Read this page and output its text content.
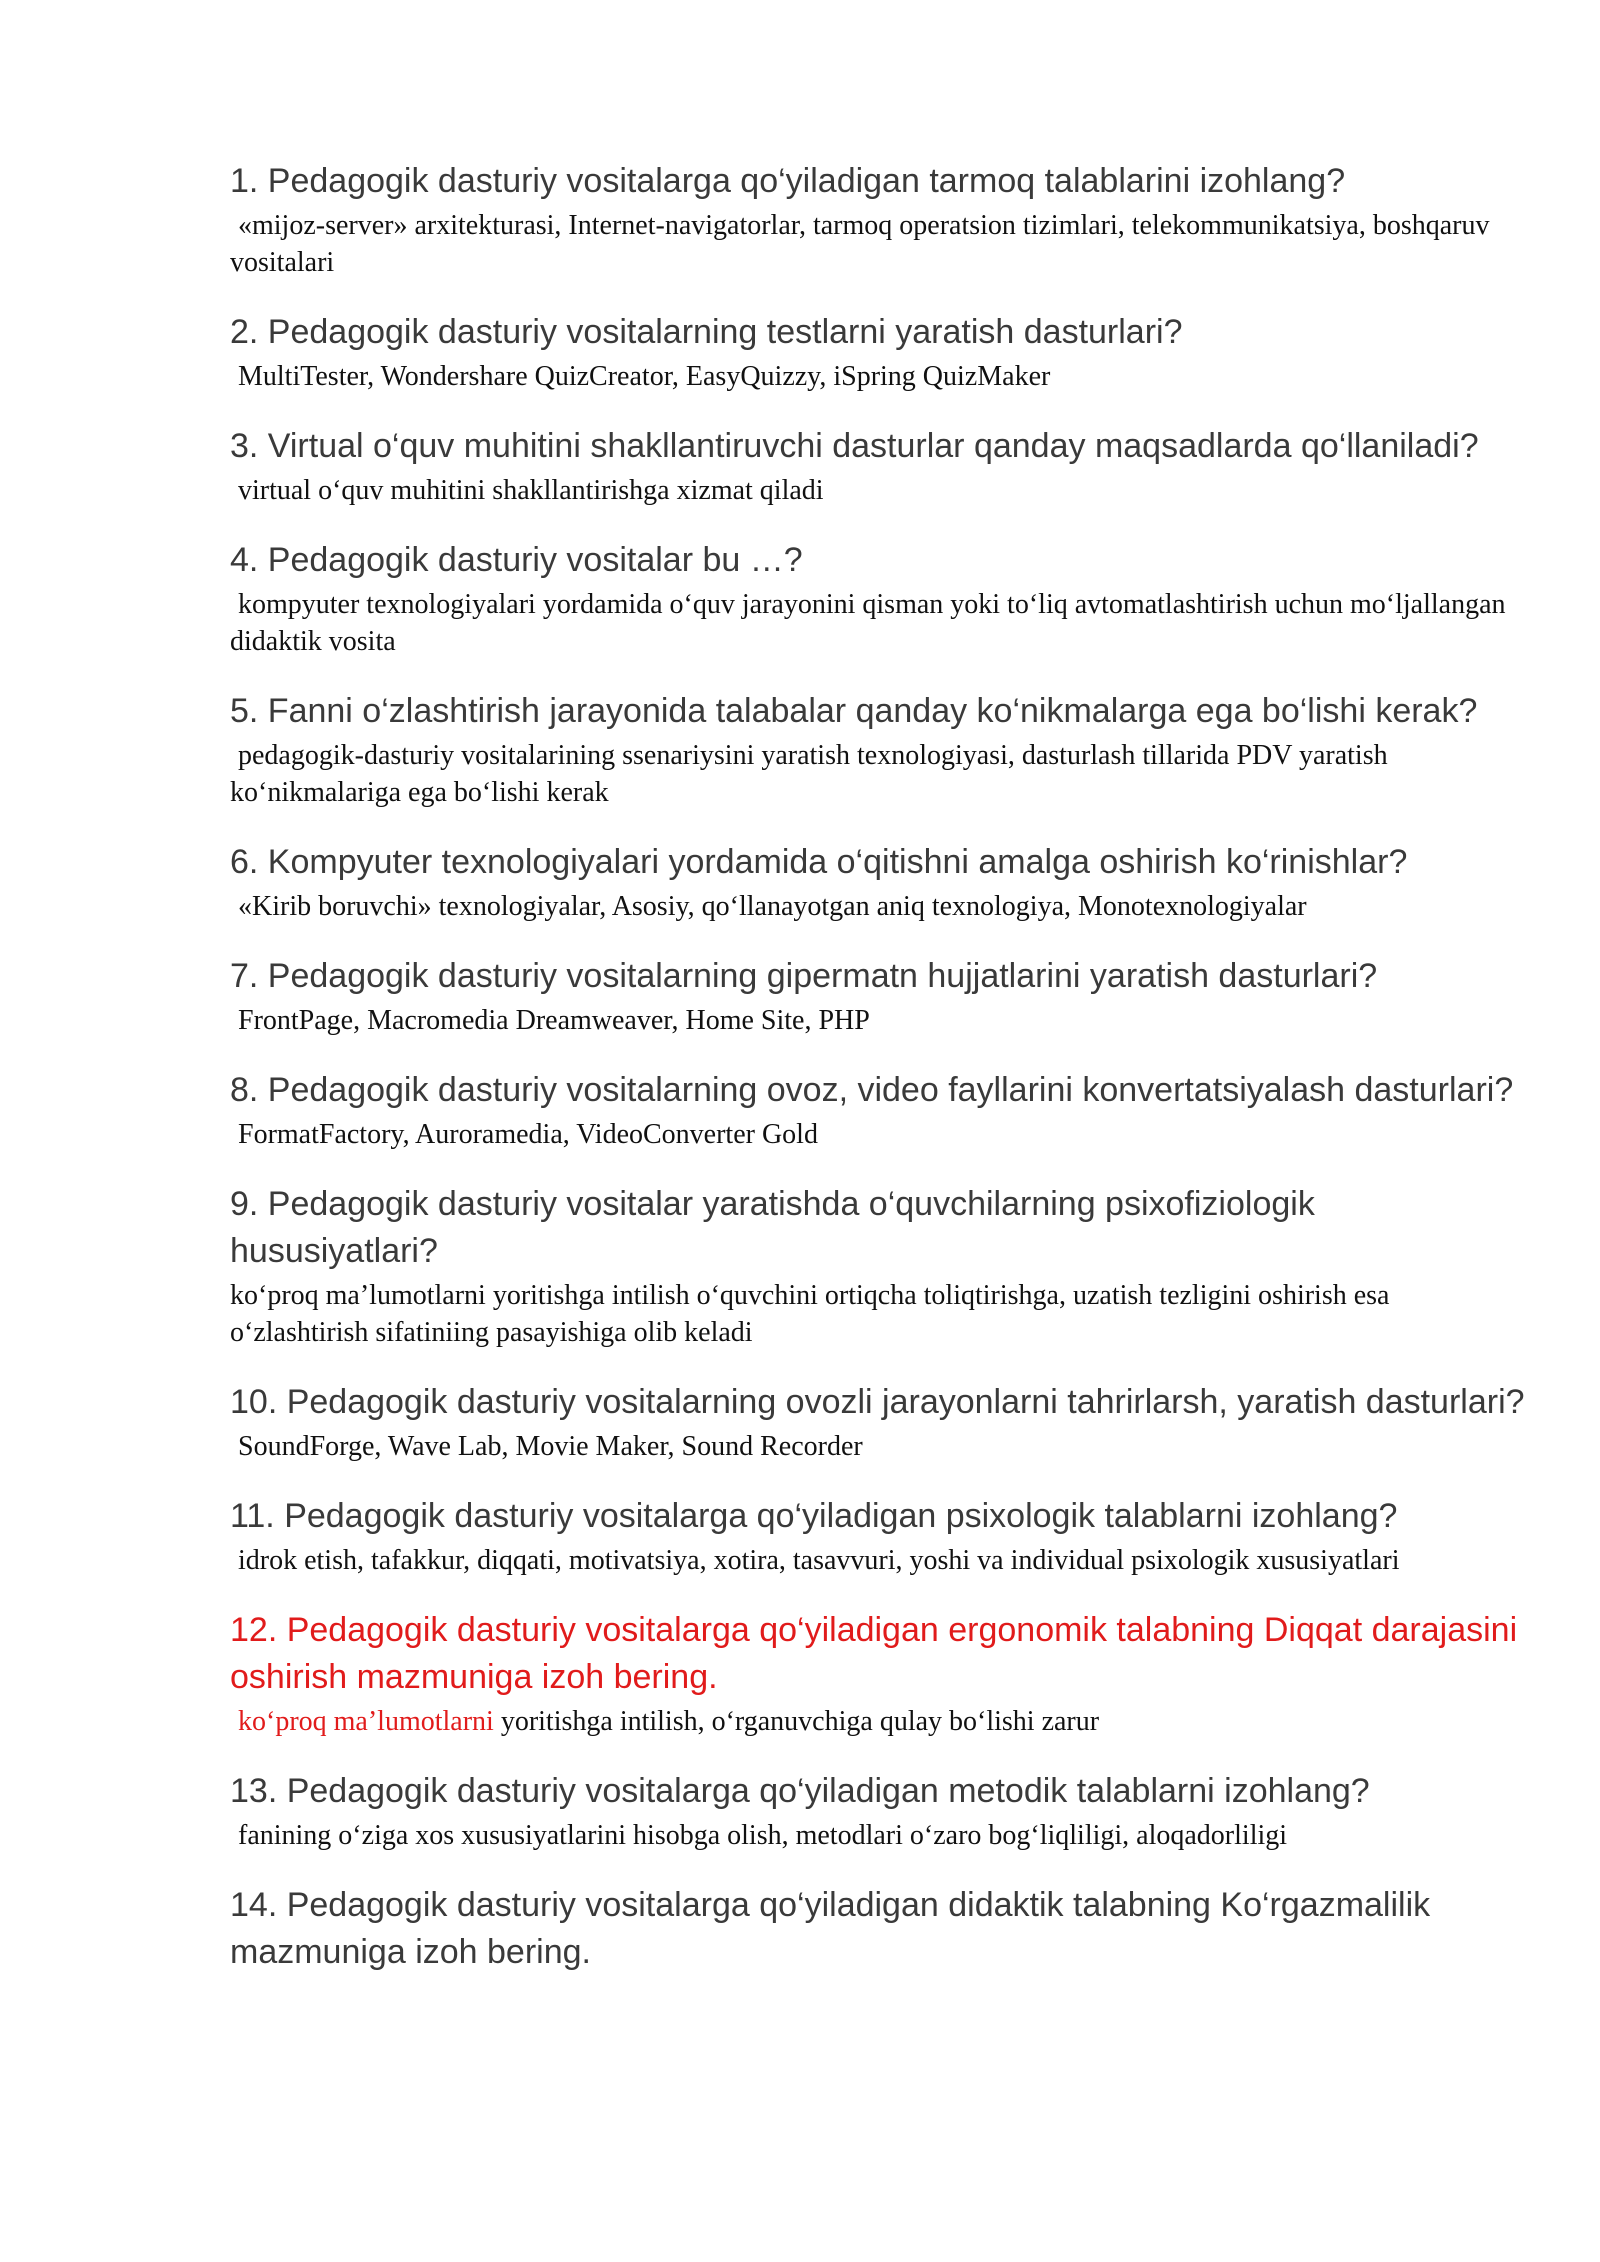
1. Pedagogik dasturiy vositalarga qo‘yiladigan tarmoq talablarini izohlang?

«mijoz-server» arxitekturasi, Internet-navigatorlar, tarmoq operatsion tizimlari, telekommunikatsiya, boshqaruv vositalari

2. Pedagogik dasturiy vositalarning testlarni yaratish dasturlari?

MultiTester, Wondershare QuizCreator, EasyQuizzy, iSpring QuizMaker

3. Virtual o‘quv muhitini shakllantiruvchi dasturlar qanday maqsadlarda qo‘llaniladi?

virtual o‘quv muhitini shakllantirishga xizmat qiladi

4. Pedagogik dasturiy vositalar bu …?

kompyuter texnologiyalari yordamida o‘quv jarayonini qisman yoki to‘liq avtomatlashtirish uchun mo‘ljallangan didaktik vosita

5. Fanni o‘zlashtirish jarayonida talabalar qanday ko‘nikmalarga ega bo‘lishi kerak?

pedagogik-dasturiy vositalarining ssenariysini yaratish texnologiyasi, dasturlash tillarida PDV yaratish ko‘nikmalariga ega bo‘lishi kerak

6. Kompyuter texnologiyalari yordamida o‘qitishni amalga oshirish ko‘rinishlar?

«Kirib boruvchi» texnologiyalar, Asosiy, qo‘llanayotgan aniq texnologiya, Monotexnologiyalar

7. Pedagogik dasturiy vositalarning gipermatn hujjatlarini yaratish dasturlari?

FrontPage, Macromedia Dreamweaver, Home Site, PHP

8. Pedagogik dasturiy vositalarning ovoz, video fayllarini konvertatsiyalash dasturlari?

FormatFactory, Auroramedia, VideoConverter Gold

9. Pedagogik dasturiy vositalar yaratishda o‘quvchilarning psixofiziologik hususiyatlari?

ko‘proq ma’lumotlarni yoritishga intilish o‘quvchini ortiqcha toliqtirishga, uzatish tezligini oshirish esa o‘zlashtirish sifatiniing pasayishiga olib keladi

10. Pedagogik dasturiy vositalarning ovozli jarayonlarni tahrirlarsh, yaratish dasturlari?

SoundForge, Wave Lab, Movie Maker, Sound Recorder

11. Pedagogik dasturiy vositalarga qo‘yiladigan psixologik talablarni izohlang?

idrok etish, tafakkur, diqqati, motivatsiya, xotira, tasavvuri, yoshi va individual psixologik xususiyatlari

12. Pedagogik dasturiy vositalarga qo‘yiladigan ergonomik talabning Diqqat darajasini oshirish mazmuniga izoh bering.

ko‘proq ma’lumotlarni yoritishga intilish, o‘rganuvchiga qulay bo‘lishi zarur

13. Pedagogik dasturiy vositalarga qo‘yiladigan metodik talablarni izohlang?

fanining o‘ziga xos xususiyatlarini hisobga olish, metodlari o‘zaro bog‘liqliligi, aloqadorliligi

14. Pedagogik dasturiy vositalarga qo‘yiladigan didaktik talabning Ko‘rgazmalilik mazmuniga izoh bering.
